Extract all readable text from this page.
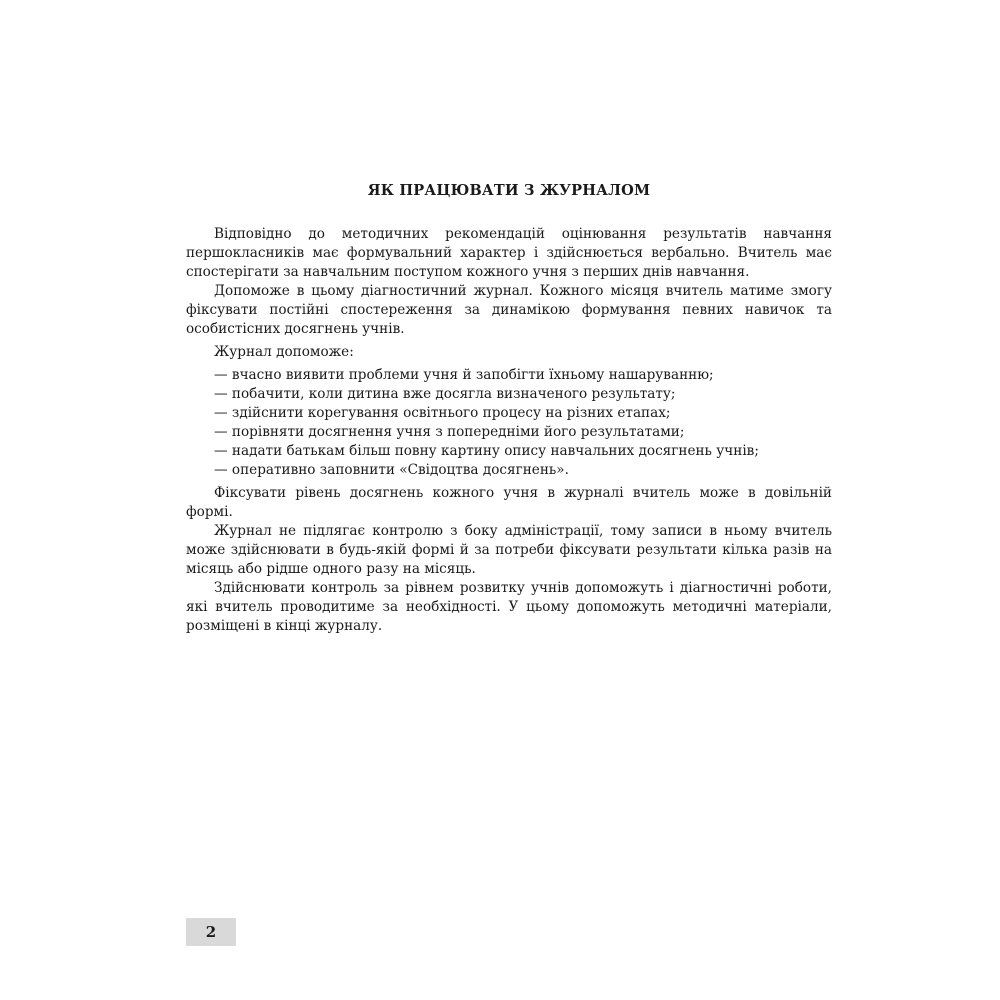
ЯК ПРАЦЮВАТИ З ЖУРНАЛОМ

Відповідно до методичних рекомендацій оцінювання результатів навчання першокласників має формувальний характер і здійснюється вербально. Вчитель має спостерігати за навчальним поступом кожного учня з перших днів навчання.

Допоможе в цьому діагностичний журнал. Кожного місяця вчитель матиме змогу фіксувати постійні спостереження за динамікою формування певних навичок та особистісних досягнень учнів.

Журнал допоможе:

— вчасно виявити проблеми учня й запобігти їхньому нашаруванню;
— побачити, коли дитина вже досягла визначеного результату;
— здійснити корегування освітнього процесу на різних етапах;
— порівняти досягнення учня з попередніми його результатами;
— надати батькам більш повну картину опису навчальних досягнень учнів;
— оперативно заповнити «Свідоцтва досягнень».

Фіксувати рівень досягнень кожного учня в журналі вчитель може в довільній формі.

Журнал не підлягає контролю з боку адміністрації, тому записи в ньому вчитель може здійснювати в будь-якій формі й за потреби фіксувати результати кілька разів на місяць або рідше одного разу на місяць.

Здійснювати контроль за рівнем розвитку учнів допоможуть і діагностичні роботи, які вчитель проводитиме за необхідності. У цьому допоможуть методичні матеріали, розміщені в кінці журналу.

2
